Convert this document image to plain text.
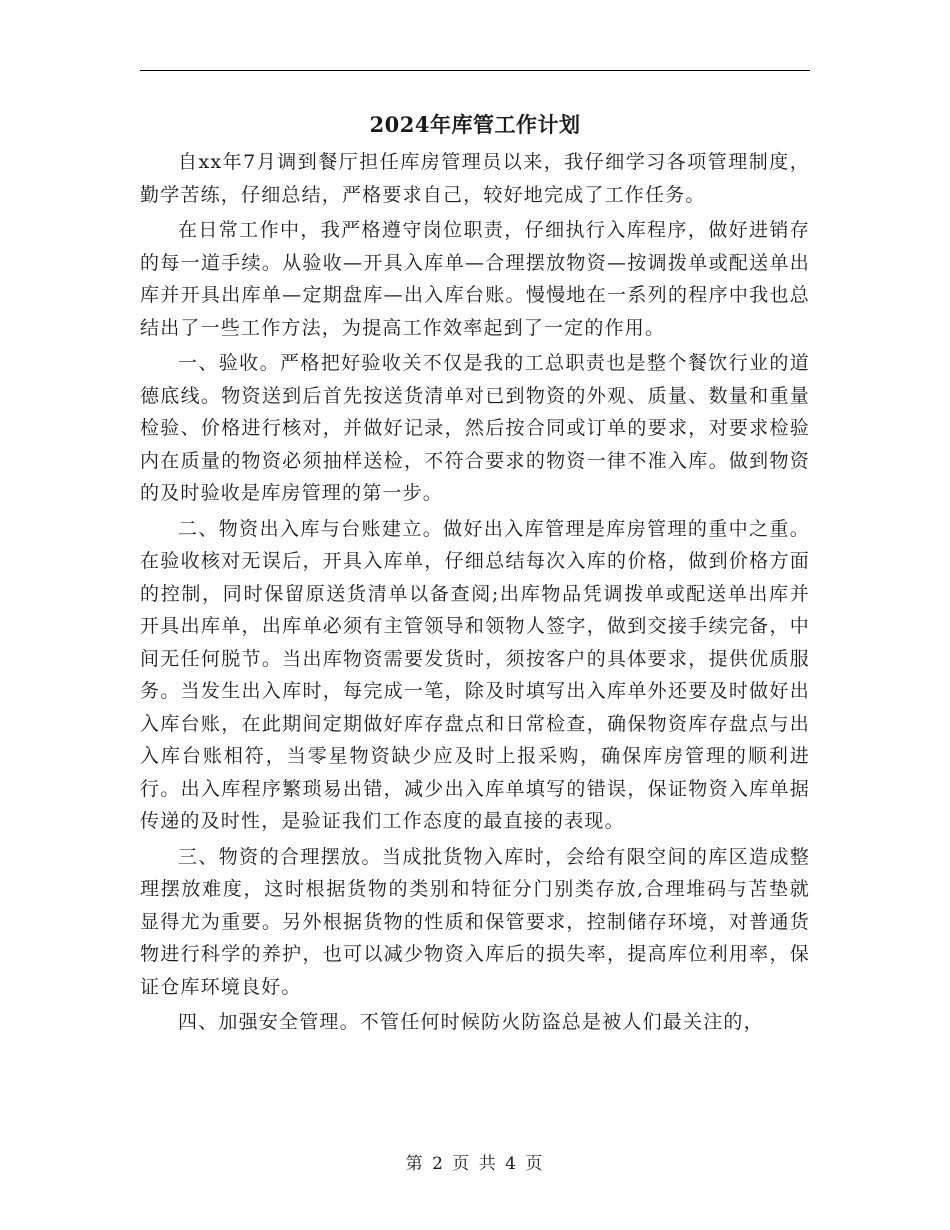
2024年库管工作计划

自xx年7月调到餐厅担任库房管理员以来，我仔细学习各项管理制度，勤学苦练，仔细总结，严格要求自己，较好地完成了工作任务。

在日常工作中，我严格遵守岗位职责，仔细执行入库程序，做好进销存的每一道手续。从验收—开具入库单—合理摆放物资—按调拨单或配送单出库并开具出库单—定期盘库—出入库台账。慢慢地在一系列的程序中我也总结出了一些工作方法，为提高工作效率起到了一定的作用。

一、验收。严格把好验收关不仅是我的工总职责也是整个餐饮行业的道德底线。物资送到后首先按送货清单对已到物资的外观、质量、数量和重量检验、价格进行核对，并做好记录，然后按合同或订单的要求，对要求检验内在质量的物资必须抽样送检，不符合要求的物资一律不准入库。做到物资的及时验收是库房管理的第一步。

二、物资出入库与台账建立。做好出入库管理是库房管理的重中之重。在验收核对无误后，开具入库单，仔细总结每次入库的价格，做到价格方面的控制，同时保留原送货清单以备查阅;出库物品凭调拨单或配送单出库并开具出库单，出库单必须有主管领导和领物人签字，做到交接手续完备，中间无任何脱节。当出库物资需要发货时，须按客户的具体要求，提供优质服务。当发生出入库时，每完成一笔，除及时填写出入库单外还要及时做好出入库台账，在此期间定期做好库存盘点和日常检查，确保物资库存盘点与出入库台账相符，当零星物资缺少应及时上报采购，确保库房管理的顺利进行。出入库程序繁琐易出错，减少出入库单填写的错误，保证物资入库单据传递的及时性，是验证我们工作态度的最直接的表现。

三、物资的合理摆放。当成批货物入库时，会给有限空间的库区造成整理摆放难度，这时根据货物的类别和特征分门别类存放,合理堆码与苫垫就显得尤为重要。另外根据货物的性质和保管要求，控制储存环境，对普通货物进行科学的养护，也可以减少物资入库后的损失率，提高库位利用率，保证仓库环境良好。

四、加强安全管理。不管任何时候防火防盗总是被人们最关注的，

第 2 页 共 4 页
